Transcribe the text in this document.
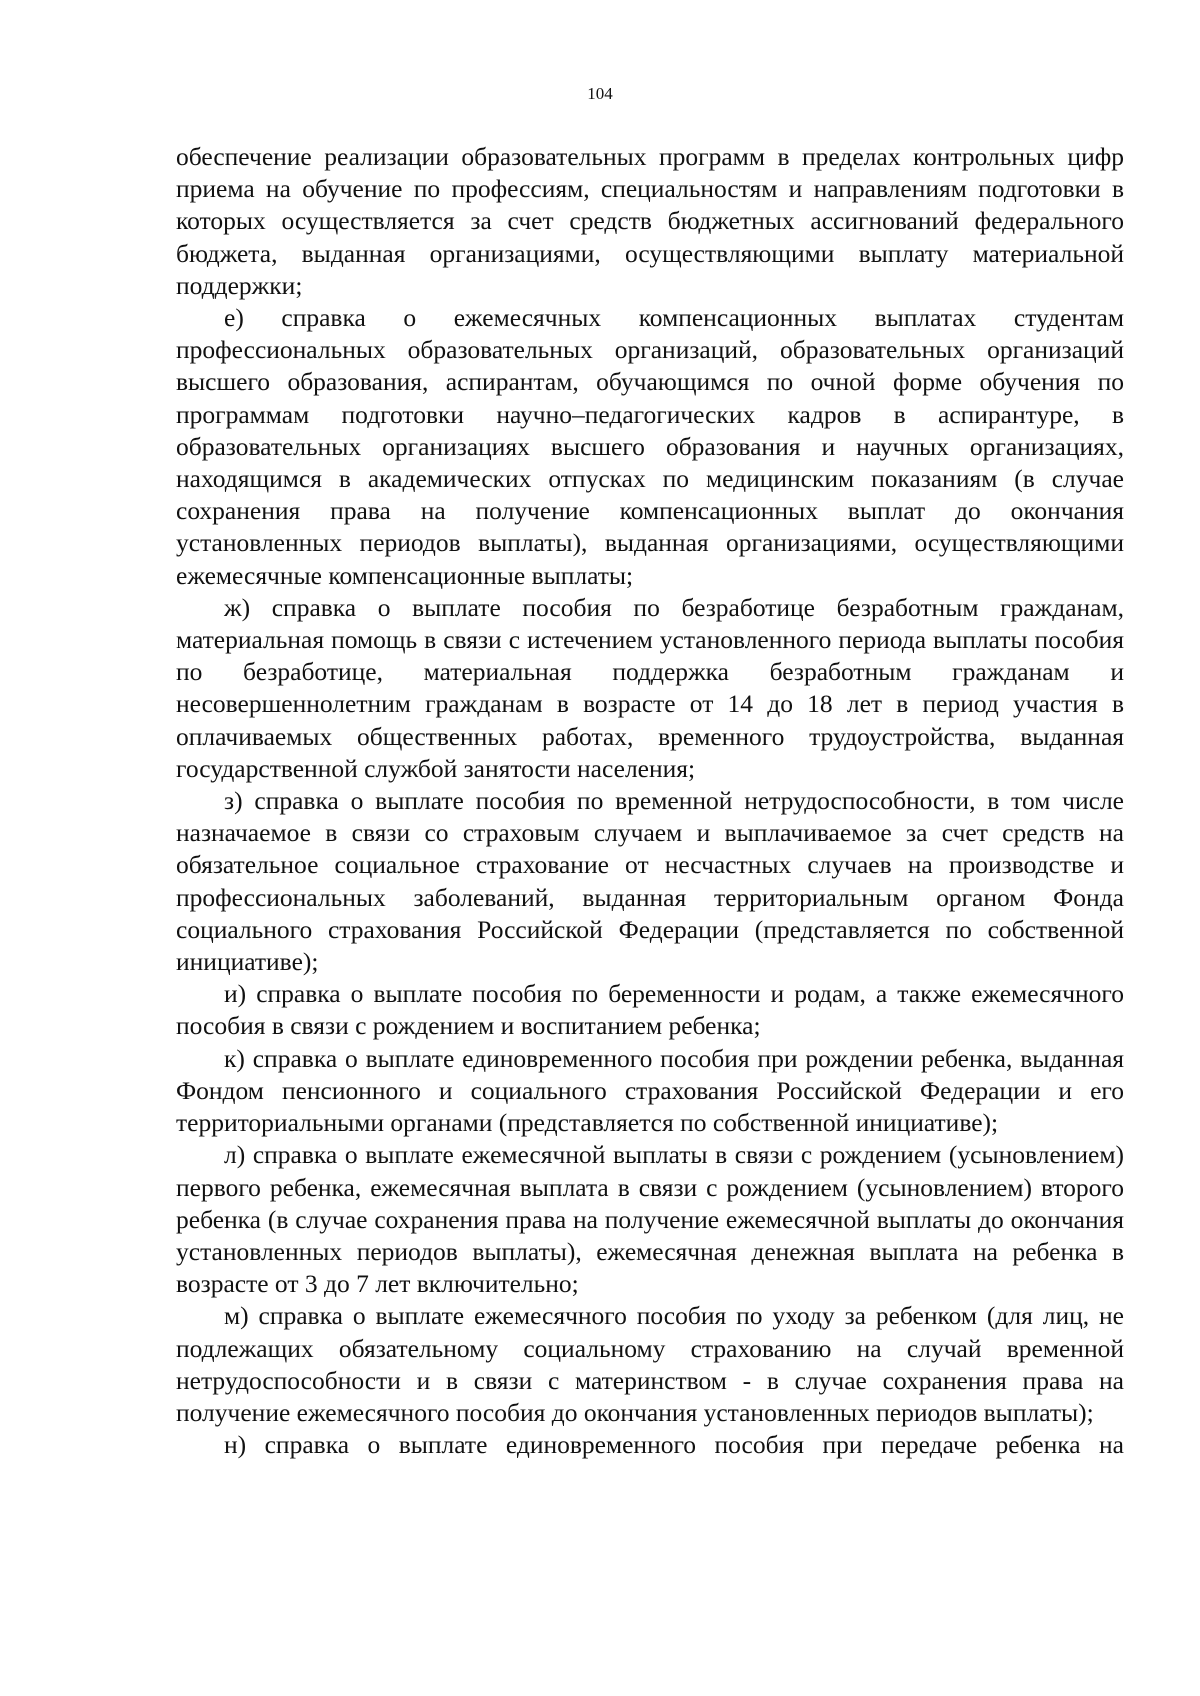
104

обеспечение реализации образовательных программ в пределах контрольных цифр приема на обучение по профессиям, специальностям и направлениям подготовки в которых осуществляется за счет средств бюджетных ассигнований федерального бюджета, выданная организациями, осуществляющими выплату материальной поддержки;

е) справка о ежемесячных компенсационных выплатах студентам профессиональных образовательных организаций, образовательных организаций высшего образования, аспирантам, обучающимся по очной форме обучения по программам подготовки научно–педагогических кадров в аспирантуре, в образовательных организациях высшего образования и научных организациях, находящимся в академических отпусках по медицинским показаниям (в случае сохранения права на получение компенсационных выплат до окончания установленных периодов выплаты), выданная организациями, осуществляющими ежемесячные компенсационные выплаты;

ж) справка о выплате пособия по безработице безработным гражданам, материальная помощь в связи с истечением установленного периода выплаты пособия по безработице, материальная поддержка безработным гражданам и несовершеннолетним гражданам в возрасте от 14 до 18 лет в период участия в оплачиваемых общественных работах, временного трудоустройства, выданная государственной службой занятости населения;

з) справка о выплате пособия по временной нетрудоспособности, в том числе назначаемое в связи со страховым случаем и выплачиваемое за счет средств на обязательное социальное страхование от несчастных случаев на производстве и профессиональных заболеваний, выданная территориальным органом Фонда социального страхования Российской Федерации (представляется по собственной инициативе);

и) справка о выплате пособия по беременности и родам, а также ежемесячного пособия в связи с рождением и воспитанием ребенка;

к) справка о выплате единовременного пособия при рождении ребенка, выданная Фондом пенсионного и социального страхования Российской Федерации и его территориальными органами (представляется по собственной инициативе);

л) справка о выплате ежемесячной выплаты в связи с рождением (усыновлением) первого ребенка, ежемесячная выплата в связи с рождением (усыновлением) второго ребенка (в случае сохранения права на получение ежемесячной выплаты до окончания установленных периодов выплаты), ежемесячная денежная выплата на ребенка в возрасте от 3 до 7 лет включительно;

м) справка о выплате ежемесячного пособия по уходу за ребенком (для лиц, не подлежащих обязательному социальному страхованию на случай временной нетрудоспособности и в связи с материнством - в случае сохранения права на получение ежемесячного пособия до окончания установленных периодов выплаты);

н) справка о выплате единовременного пособия при передаче ребенка на
